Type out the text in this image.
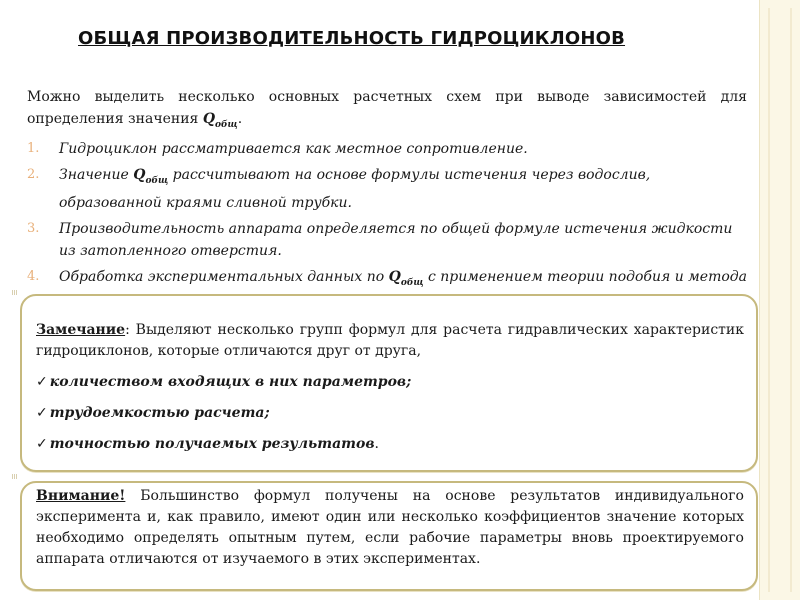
ОБЩАЯ ПРОИЗВОДИТЕЛЬНОСТЬ ГИДРОЦИКЛОНОВ

Можно выделить несколько основных расчетных схем при выводе зависимостей для определения значения $Q_{общ}$.

1. Гидроциклон рассматривается как местное сопротивление.
2. Значение $Q_{общ}$ рассчитывают на основе формулы истечения через водослив, образованной краями сливной трубки.
3. Производительность аппарата определяется по общей формуле истечения жидкости из затопленного отверстия.
4. Обработка экспериментальных данных по $Q_{общ}$ с применением теории подобия и метода

Замечание: Выделяют несколько групп формул для расчета гидравлических характеристик гидроциклонов, которые отличаются друг от друга,

✓ количеством входящих в них параметров;
✓ трудоемкостью расчета;
✓ точностью получаемых результатов.

Внимание! Большинство формул получены на основе результатов индивидуального эксперимента и, как правило, имеют один или несколько коэффициентов значение которых необходимо определять опытным путем, если рабочие параметры вновь проектируемого аппарата отличаются от изучаемого в этих экспериментах.
